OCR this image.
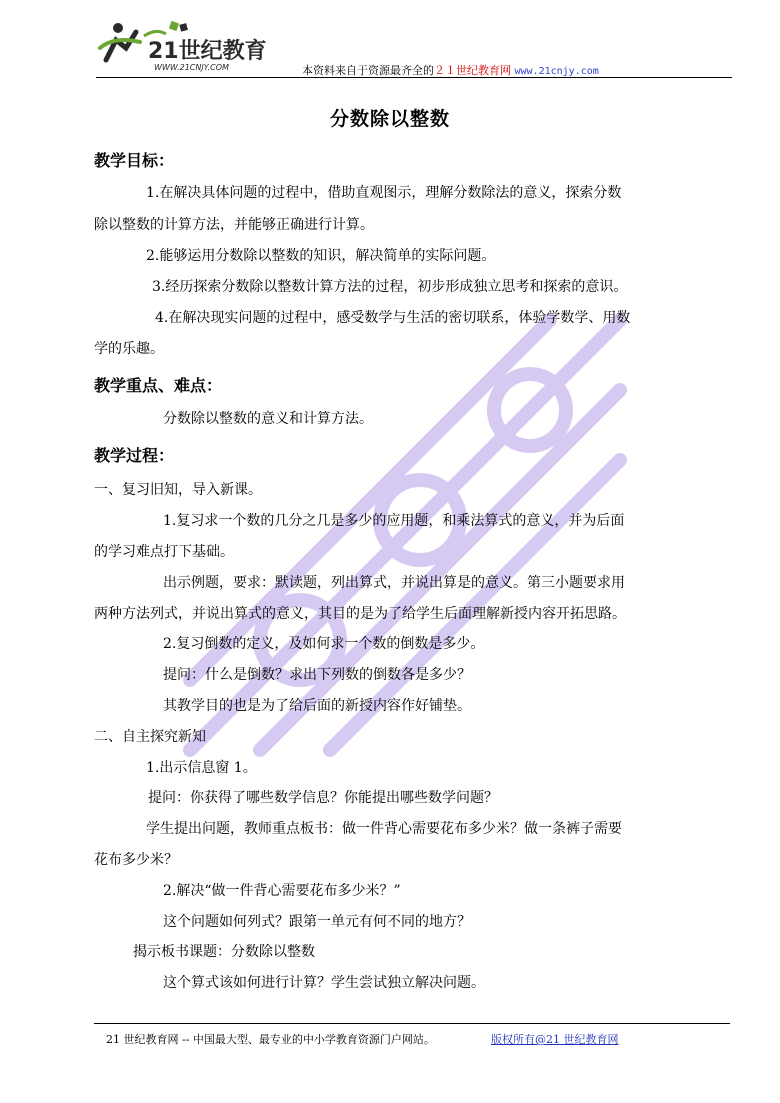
21世纪教育
WWW.21CNJY.COM	本资料来自于资源最齐全的２１世纪教育网 www.21cnjy.com
分数除以整数
教学目标：
1.在解决具体问题的过程中，借助直观图示，理解分数除法的意义，探索分数
除以整数的计算方法，并能够正确进行计算。
2.能够运用分数除以整数的知识，解决简单的实际问题。
3.经历探索分数除以整数计算方法的过程，初步形成独立思考和探索的意识。
4.在解决现实问题的过程中，感受数学与生活的密切联系，体验学数学、用数
学的乐趣。
教学重点、难点：
分数除以整数的意义和计算方法。
教学过程：
一、复习旧知，导入新课。
1.复习求一个数的几分之几是多少的应用题，和乘法算式的意义，并为后面
的学习难点打下基础。
出示例题，要求：默读题，列出算式，并说出算是的意义。第三小题要求用
两种方法列式，并说出算式的意义，其目的是为了给学生后面理解新授内容开拓思路。
2.复习倒数的定义，及如何求一个数的倒数是多少。
提问：什么是倒数？求出下列数的倒数各是多少？
其教学目的也是为了给后面的新授内容作好铺垫。
二、自主探究新知
1.出示信息窗 1。
提问：你获得了哪些数学信息？你能提出哪些数学问题？
学生提出问题，教师重点板书：做一件背心需要花布多少米？做一条裤子需要
花布多少米？
2.解决“做一件背心需要花布多少米？”
这个问题如何列式？跟第一单元有何不同的地方？
揭示板书课题：分数除以整数
这个算式该如何进行计算？学生尝试独立解决问题。
21 世纪教育网 -- 中国最大型、最专业的中小学教育资源门户网站。	版权所有@21 世纪教育网
